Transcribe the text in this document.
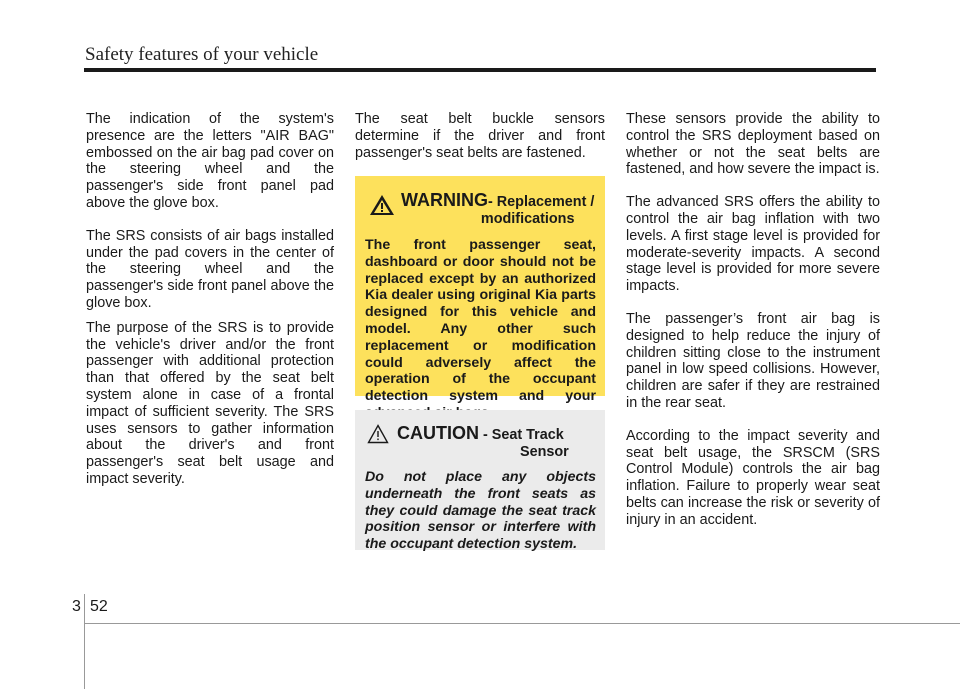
Safety features of your vehicle

The indication of the system's presence are the letters "AIR BAG" embossed on the air bag pad cover on the steering wheel and the passenger's side front panel pad above the glove box.

The SRS consists of air bags installed under the pad covers in the center of the steering wheel and the passenger's side front panel above the glove box.

The purpose of the SRS is to provide the vehicle's driver and/or the front passenger with additional protection than that offered by the seat belt system alone in case of a frontal impact of sufficient severity. The SRS uses sensors to gather information about the driver's and front passenger's seat belt usage and impact severity.

The seat belt buckle sensors determine if the driver and front passenger's seat belts are fastened.

WARNING- Replacement /
modifications
The front passenger seat, dashboard or door should not be replaced except by an authorized Kia dealer using original Kia parts designed for this vehicle and model. Any other such replacement or modification could adversely affect the operation of the occupant detection system and your
CAUTION - Seat Track
Sensor
Do not place any objects underneath the front seats as they could damage the seat track position sensor or interfere with the occupant detection system.

These sensors provide the ability to control the SRS deployment based on whether or not the seat belts are fastened, and how severe the impact is.

The advanced SRS offers the ability to control the air bag inflation with two levels. A first stage level is provided for moderate-severity impacts. A second stage level is provided for more severe impacts.

The passenger’s front air bag is designed to help reduce the injury of children sitting close to the instrument panel in low speed collisions. However, children are safer if they are restrained in the rear seat.

According to the impact severity and seat belt usage, the SRSCM (SRS Control Module) controls the air bag inflation. Failure to properly wear seat belts can increase the risk or severity of injury in an accident.

3 52
